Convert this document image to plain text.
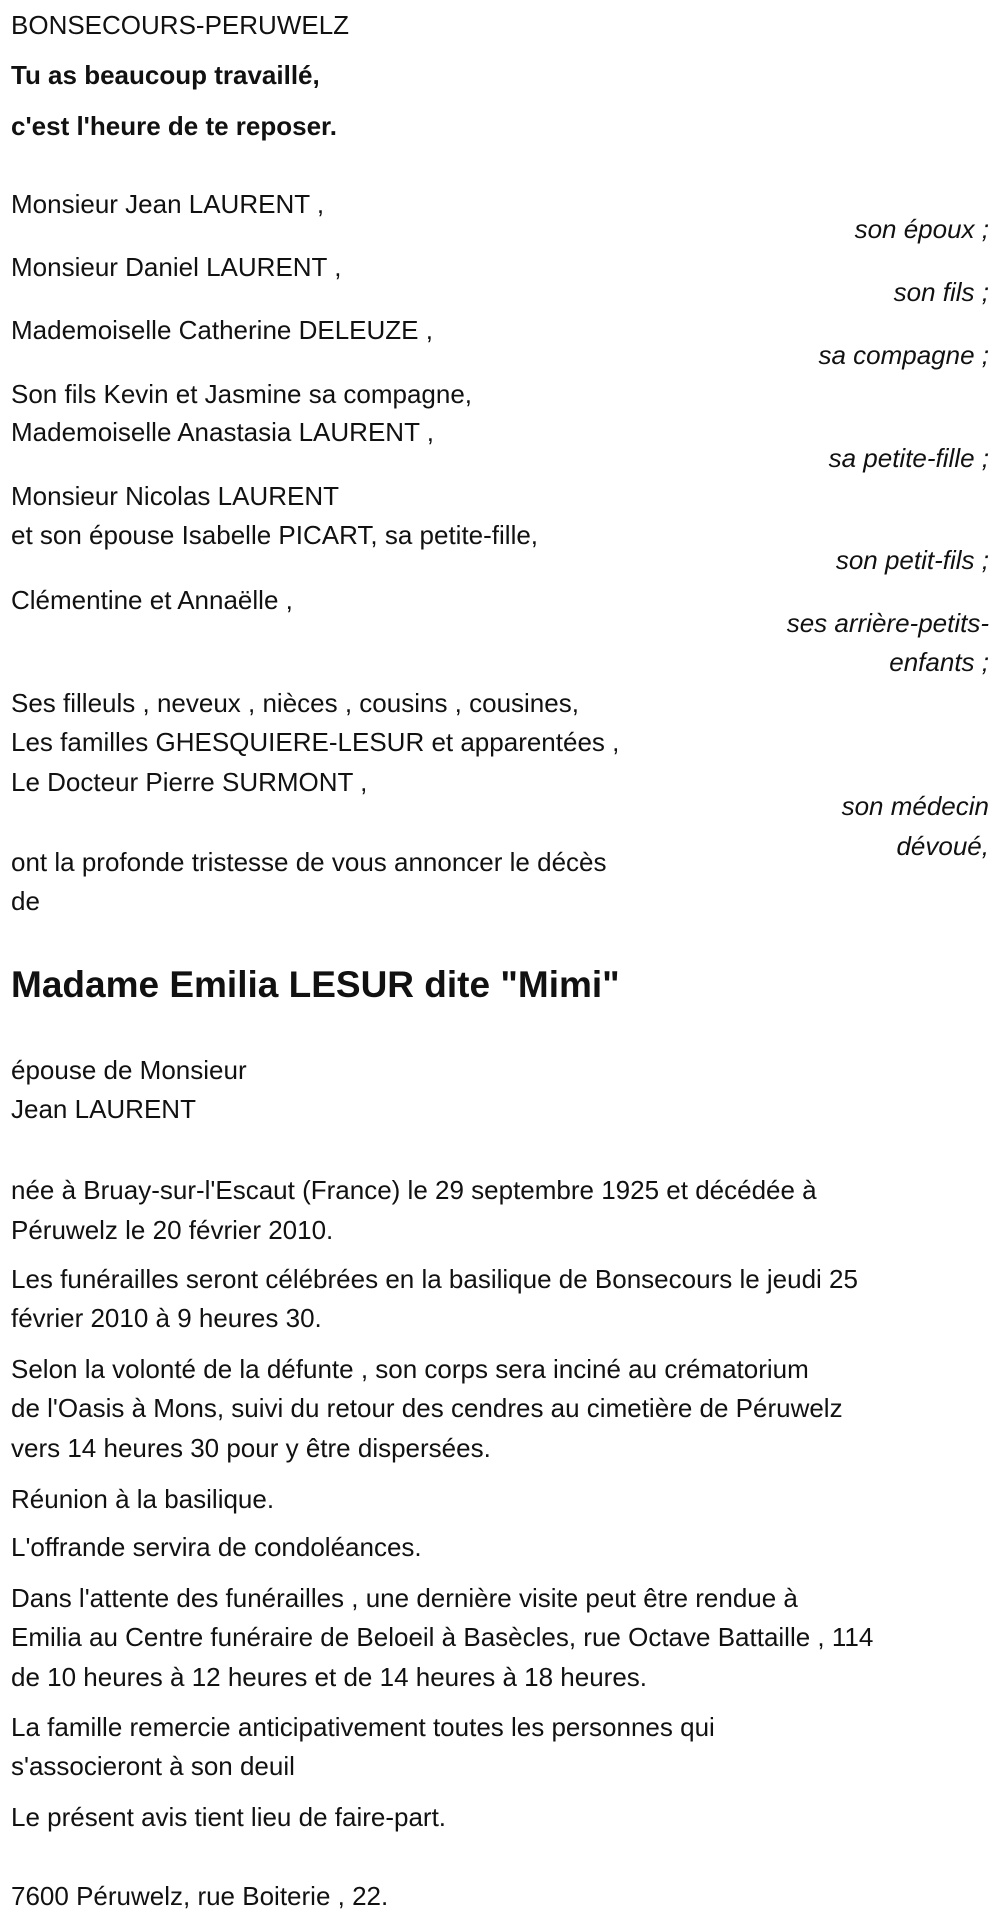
BONSECOURS-PERUWELZ
Tu as beaucoup travaillé,
c'est l'heure de te reposer.
Monsieur Jean LAURENT ,
son époux ;
Monsieur Daniel LAURENT ,
son fils ;
Mademoiselle Catherine DELEUZE ,
sa compagne ;
Son fils Kevin et Jasmine sa compagne,
Mademoiselle Anastasia LAURENT ,
sa petite-fille ;
Monsieur Nicolas LAURENT
et son épouse Isabelle PICART, sa petite-fille,
son petit-fils ;
Clémentine et Annaëlle ,
ses arrière-petits-
enfants ;
Ses filleuls , neveux , nièces , cousins , cousines,
Les familles GHESQUIERE-LESUR et apparentées ,
Le Docteur Pierre SURMONT ,
son médecin
dévoué,
ont la profonde tristesse de vous annoncer le décès
de
Madame Emilia LESUR dite "Mimi"
épouse de Monsieur
Jean LAURENT
née à Bruay-sur-l'Escaut (France) le 29 septembre 1925 et décédée à
Péruwelz le 20 février 2010.
Les funérailles seront célébrées en la basilique de Bonsecours le jeudi 25
février 2010 à 9 heures 30.
Selon la volonté de la défunte , son corps sera inciné au crématorium
de l'Oasis à Mons, suivi du retour des cendres au cimetière de Péruwelz
vers 14 heures 30 pour y être dispersées.
Réunion à la basilique.
L'offrande servira de condoléances.
Dans l'attente des funérailles , une dernière visite peut être rendue à
Emilia au Centre funéraire de Beloeil à Basècles, rue Octave Battaille , 114
de 10 heures à 12 heures et de 14 heures à 18 heures.
La famille remercie anticipativement toutes les personnes qui
s'associeront à son deuil
Le présent avis tient lieu de faire-part.
7600 Péruwelz, rue Boiterie , 22.
